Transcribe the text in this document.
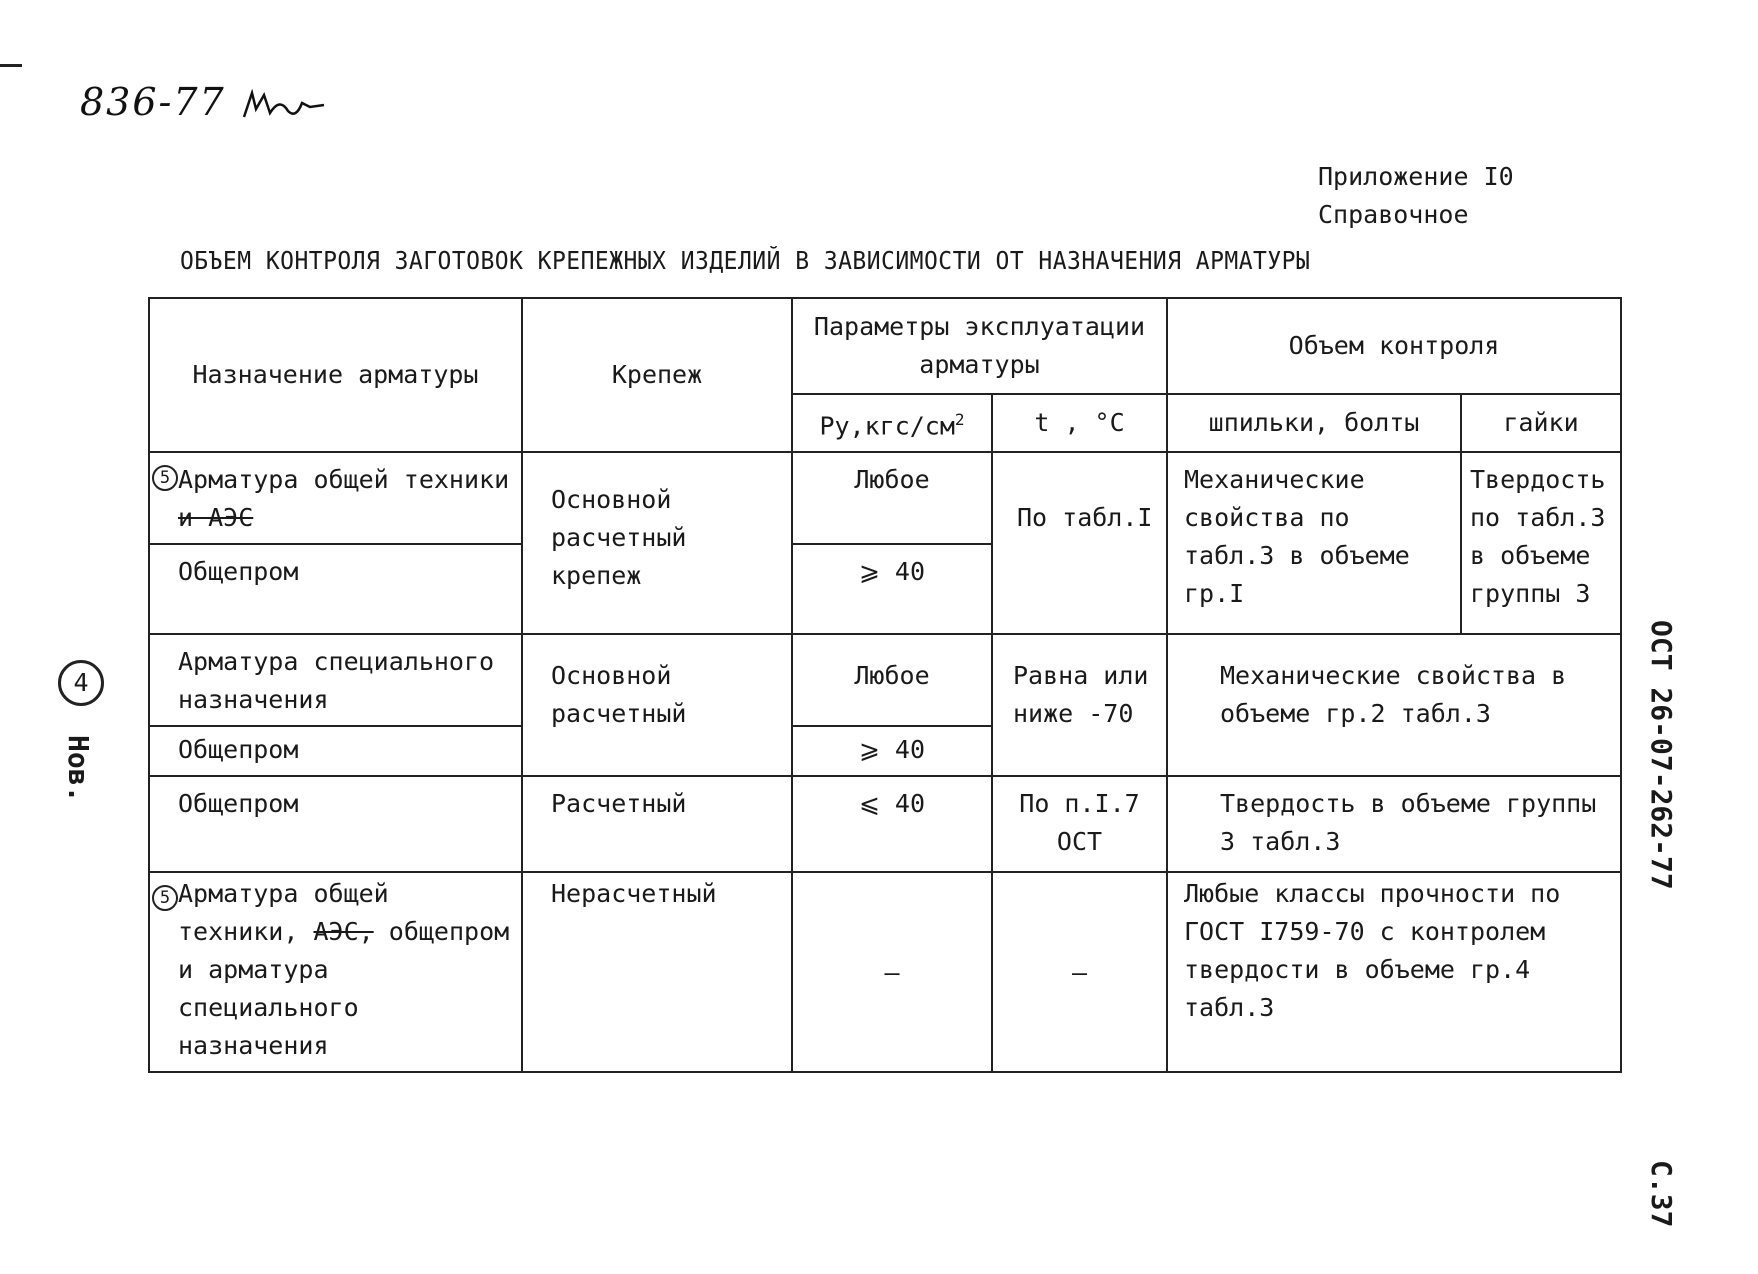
836-77
Приложение I0
Справочное
ОБЪЕМ КОНТРОЛЯ ЗАГОТОВОК КРЕПЕЖНЫХ ИЗДЕЛИЙ В ЗАВИСИМОСТИ ОТ НАЗНАЧЕНИЯ АРМАТУРЫ
Назначение арматуры	Крепеж	Параметры эксплуатации арматуры		Объем контроля	
		$Ру,кгс/см^2$	t , °C	шпильки, болты	гайки

5 Арматура общей техники и АЭС	Основной расчетный крепеж	Любое	По табл.I	Механические свойства по табл.3 в объеме гр.I	Твердость по табл.3 в объеме группы 3
Общепром		⩾ 40			
Арматура специального назначения	Основной расчетный	Любое	Равна или ниже -70	Механические свойства в объеме гр.2 табл.3	
Общепром		⩾ 40			
Общепром	Расчетный	⩽ 40	По п.I.7 ОСТ	Твердость в объеме группы 3 табл.3	

5 Арматура общей техники, АЭС, общепром и арматура специального назначения	Нерасчетный	—	—	Любые классы прочности по ГОСТ I759-70 с контролем твердости в объеме гр.4 табл.3	
4
Нов.	ОСТ 26-07-262-77
С.37
